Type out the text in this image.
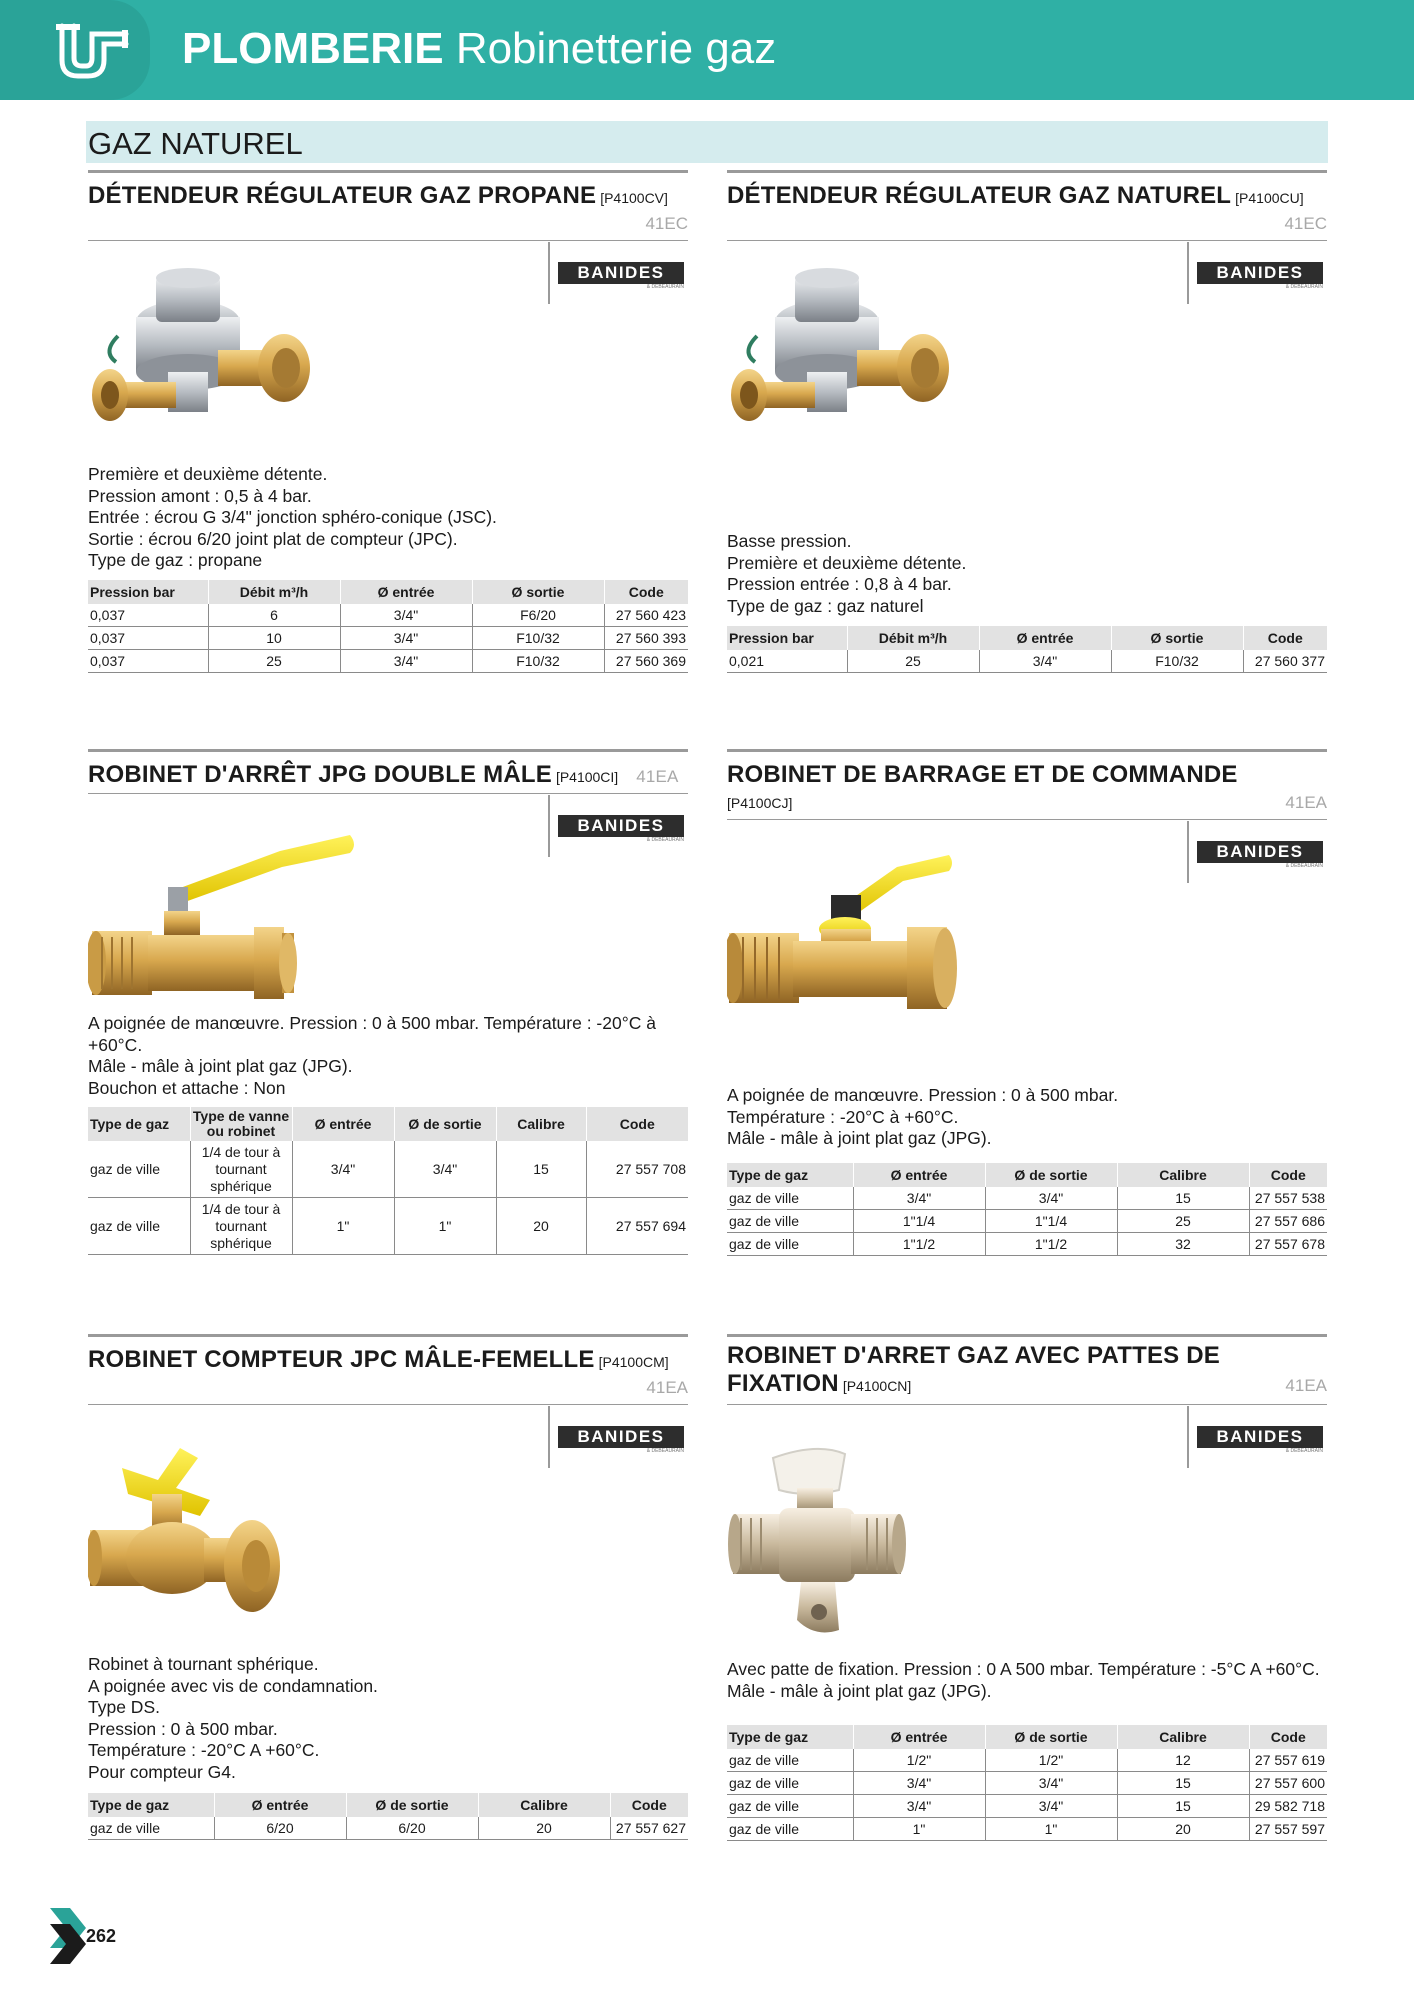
PLOMBERIE Robinetterie gaz
GAZ NATUREL
DÉTENDEUR RÉGULATEUR GAZ PROPANE [P4100CV]
41EC
BANIDES
& DEBEAURAIN
Première et deuxième détente.
Pression amont : 0,5 à 4 bar.
Entrée : écrou G 3/4" jonction sphéro-conique (JSC).
Sortie : écrou 6/20 joint plat de compteur (JPC).
Type de gaz : propane
Pression bar	Débit m³/h	Ø entrée	Ø sortie	Code
0,037	6	3/4"	F6/20	27 560 423
0,037	10	3/4"	F10/32	27 560 393
0,037	25	3/4"	F10/32	27 560 369
DÉTENDEUR RÉGULATEUR GAZ NATUREL [P4100CU]
41EC
BANIDES
& DEBEAURAIN
Basse pression.
Première et deuxième détente.
Pression entrée : 0,8 à 4 bar.
Type de gaz : gaz naturel
Pression bar	Débit m³/h	Ø entrée	Ø sortie	Code
0,021	25	3/4"	F10/32	27 560 377
ROBINET D'ARRÊT JPG DOUBLE MÂLE [P4100CI] 41EA
BANIDES
& DEBEAURAIN
A poignée de manœuvre. Pression : 0 à 500 mbar. Température : -20°C à +60°C.
Mâle - mâle à joint plat gaz (JPG).
Bouchon et attache : Non
Type de gaz	Type de vanne ou robinet	Ø entrée	Ø de sortie	Calibre	Code
gaz de ville	1/4 de tour à tournant sphérique	3/4"	3/4"	15	27 557 708
gaz de ville	1/4 de tour à tournant sphérique	1"	1"	20	27 557 694
ROBINET DE BARRAGE ET DE COMMANDE
[P4100CJ]	41EA
BANIDES
& DEBEAURAIN
A poignée de manœuvre. Pression : 0 à 500 mbar.
Température : -20°C à +60°C.
Mâle - mâle à joint plat gaz (JPG).
Type de gaz	Ø entrée	Ø de sortie	Calibre	Code
gaz de ville	3/4"	3/4"	15	27 557 538
gaz de ville	1"1/4	1"1/4	25	27 557 686
gaz de ville	1"1/2	1"1/2	32	27 557 678
ROBINET COMPTEUR JPC MÂLE-FEMELLE [P4100CM]
41EA
BANIDES
& DEBEAURAIN
Robinet à tournant sphérique.
A poignée avec vis de condamnation.
Type DS.
Pression : 0 à 500 mbar.
Température : -20°C A +60°C.
Pour compteur G4.
Type de gaz	Ø entrée	Ø de sortie	Calibre	Code
gaz de ville	6/20	6/20	20	27 557 627
ROBINET D'ARRET GAZ AVEC PATTES DE
FIXATION [P4100CN]	41EA
BANIDES
& DEBEAURAIN
Avec patte de fixation. Pression : 0 A 500 mbar. Température : -5°C A +60°C.
Mâle - mâle à joint plat gaz (JPG).
Type de gaz	Ø entrée	Ø de sortie	Calibre	Code
gaz de ville	1/2"	1/2"	12	27 557 619
gaz de ville	3/4"	3/4"	15	27 557 600
gaz de ville	3/4"	3/4"	15	29 582 718
gaz de ville	1"	1"	20	27 557 597
262
